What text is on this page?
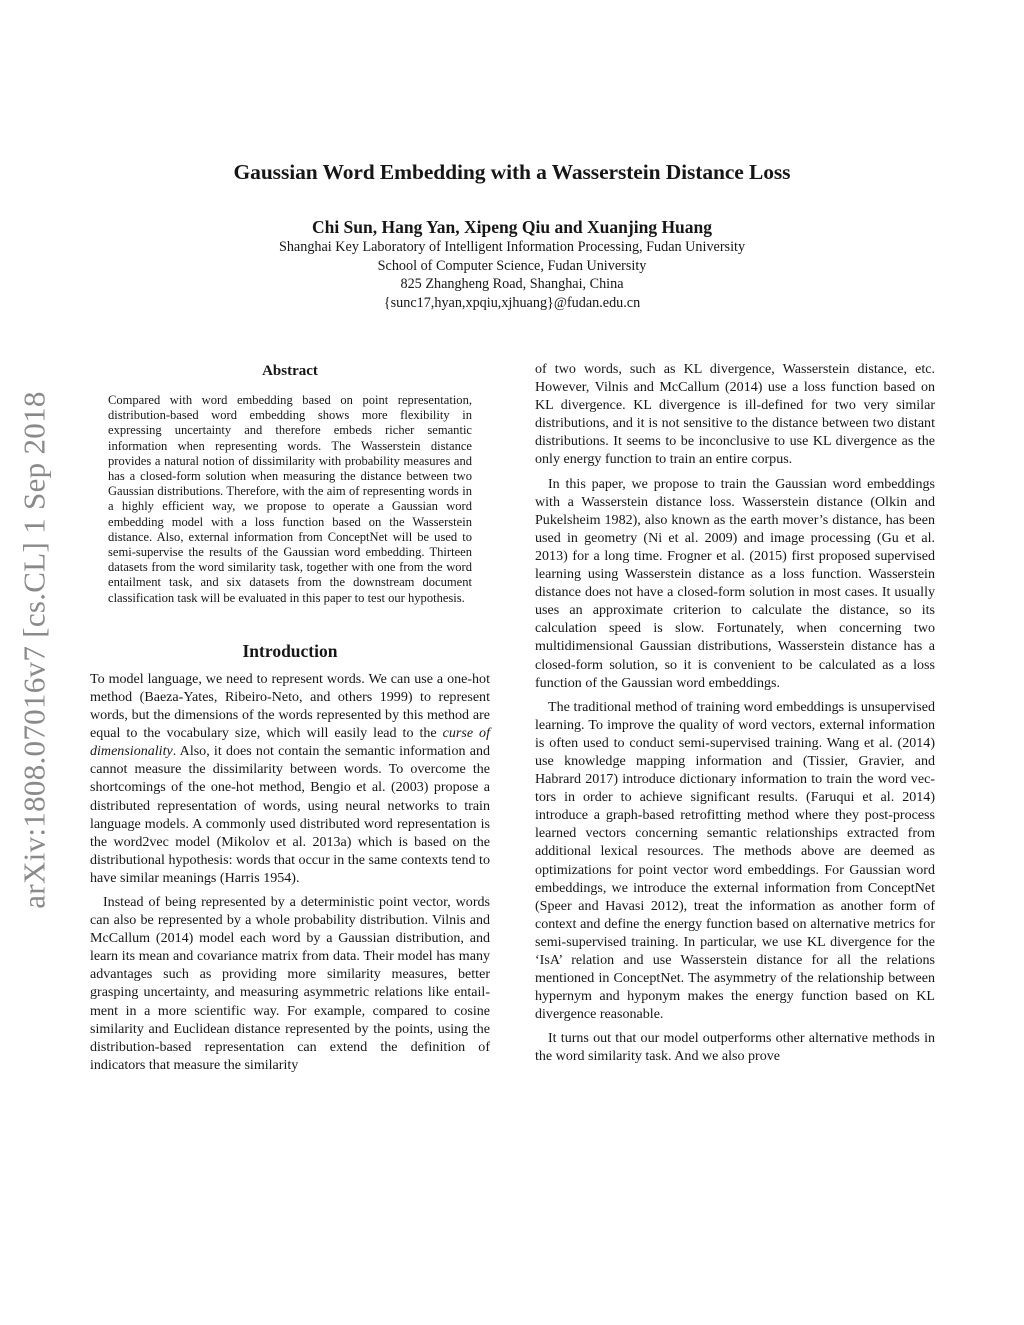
Gaussian Word Embedding with a Wasserstein Distance Loss
Chi Sun, Hang Yan, Xipeng Qiu and Xuanjing Huang
Shanghai Key Laboratory of Intelligent Information Processing, Fudan University
School of Computer Science, Fudan University
825 Zhangheng Road, Shanghai, China
{sunc17,hyan,xpqiu,xjhuang}@fudan.edu.cn
arXiv:1808.07016v7 [cs.CL] 1 Sep 2018
Abstract
Compared with word embedding based on point representation, distribution-based word embedding shows more flexibility in expressing uncertainty and therefore embeds richer semantic information when representing words. The Wasserstein distance provides a natural notion of dissimilarity with probability measures and has a closed-form solution when measuring the distance between two Gaussian distributions. Therefore, with the aim of representing words in a highly efficient way, we propose to operate a Gaussian word embedding model with a loss function based on the Wasserstein distance. Also, external information from ConceptNet will be used to semi-supervise the results of the Gaussian word embedding. Thirteen datasets from the word similarity task, together with one from the word entailment task, and six datasets from the downstream document classification task will be evaluated in this paper to test our hypothesis.
Introduction

To model language, we need to represent words. We can use a one-hot method (Baeza-Yates, Ribeiro-Neto, and others 1999) to represent words, but the dimensions of the words represented by this method are equal to the vocabulary size, which will easily lead to the curse of dimensionality. Also, it does not contain the semantic information and cannot measure the dissimilarity between words. To overcome the shortcomings of the one-hot method, Bengio et al. (2003) propose a distributed representation of words, using neural networks to train language models. A commonly used distributed word representation is the word2vec model (Mikolov et al. 2013a) which is based on the distributional hypothesis: words that occur in the same contexts tend to have similar meanings (Harris 1954).

Instead of being represented by a deterministic point vector, words can also be represented by a whole probability distribution. Vilnis and McCallum (2014) model each word by a Gaussian distribution, and learn its mean and covariance matrix from data. Their model has many advantages such as providing more similarity measures, better grasping uncertainty, and measuring asymmetric relations like entailment in a more scientific way. For example, compared to cosine similarity and Euclidean distance represented by the points, using the distribution-based representation can extend the definition of indicators that measure the similarity

of two words, such as KL divergence, Wasserstein distance, etc. However, Vilnis and McCallum (2014) use a loss function based on KL divergence. KL divergence is ill-defined for two very similar distributions, and it is not sensitive to the distance between two distant distributions. It seems to be inconclusive to use KL divergence as the only energy function to train an entire corpus.

In this paper, we propose to train the Gaussian word embeddings with a Wasserstein distance loss. Wasserstein distance (Olkin and Pukelsheim 1982), also known as the earth mover’s distance, has been used in geometry (Ni et al. 2009) and image processing (Gu et al. 2013) for a long time. Frogner et al. (2015) first proposed supervised learning using Wasserstein distance as a loss function. Wasserstein distance does not have a closed-form solution in most cases. It usually uses an approximate criterion to calculate the distance, so its calculation speed is slow. Fortunately, when concerning two multidimensional Gaussian distributions, Wasserstein distance has a closed-form solution, so it is convenient to be calculated as a loss function of the Gaussian word embeddings.

The traditional method of training word embeddings is unsupervised learning. To improve the quality of word vectors, external information is often used to conduct semi-supervised training. Wang et al. (2014) use knowledge mapping information and (Tissier, Gravier, and Habrard 2017) introduce dictionary information to train the word vectors in order to achieve significant results. (Faruqui et al. 2014) introduce a graph-based retrofitting method where they post-process learned vectors concerning semantic relationships extracted from additional lexical resources. The methods above are deemed as optimizations for point vector word embeddings. For Gaussian word embeddings, we introduce the external information from ConceptNet (Speer and Havasi 2012), treat the information as another form of context and define the energy function based on alternative metrics for semi-supervised training. In particular, we use KL divergence for the ‘IsA’ relation and use Wasserstein distance for all the relations mentioned in ConceptNet. The asymmetry of the relationship between hypernym and hyponym makes the energy function based on KL divergence reasonable.

It turns out that our model outperforms other alternative methods in the word similarity task. And we also prove
